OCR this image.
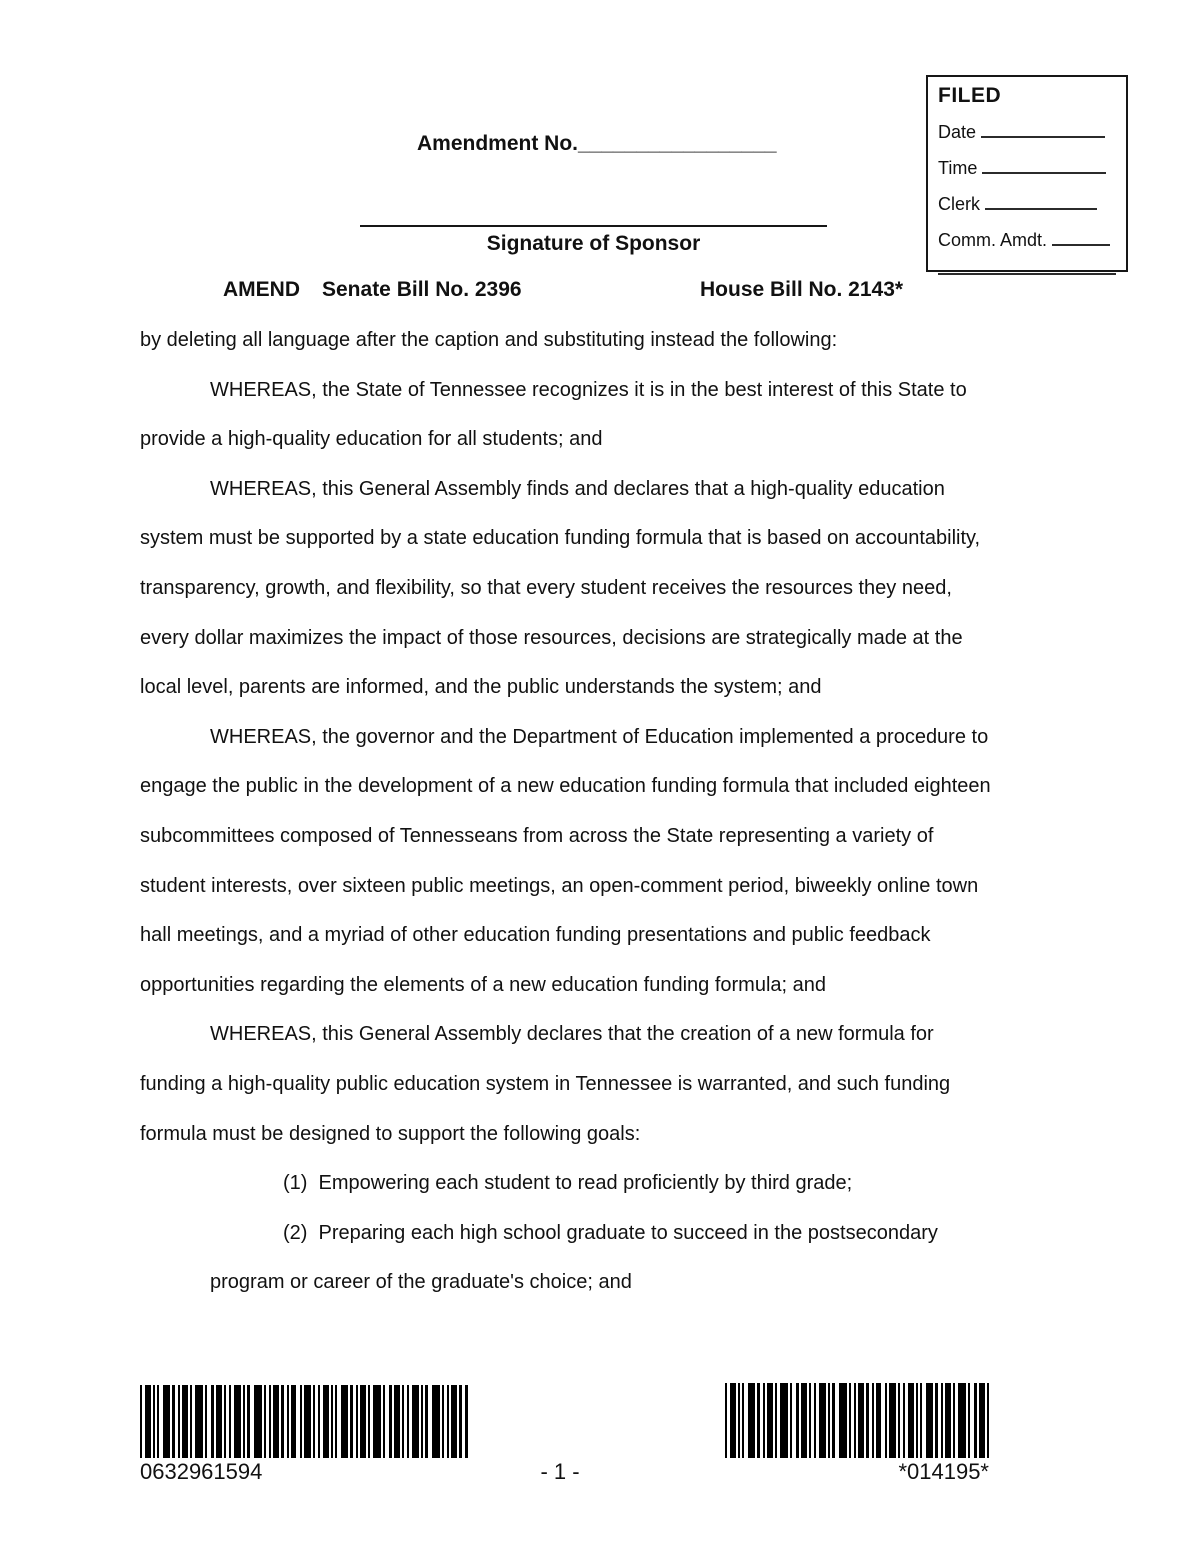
Amendment No._________________
Signature of Sponsor
AMEND Senate Bill No. 2396	House Bill No. 2143*
FILED
Date
Time
Clerk
Comm. Amdt.
by deleting all language after the caption and substituting instead the following:
WHEREAS, the State of Tennessee recognizes it is in the best interest of this State to
provide a high-quality education for all students; and
WHEREAS, this General Assembly finds and declares that a high-quality education
system must be supported by a state education funding formula that is based on accountability,
transparency, growth, and flexibility, so that every student receives the resources they need,
every dollar maximizes the impact of those resources, decisions are strategically made at the
local level, parents are informed, and the public understands the system; and
WHEREAS, the governor and the Department of Education implemented a procedure to
engage the public in the development of a new education funding formula that included eighteen
subcommittees composed of Tennesseans from across the State representing a variety of
student interests, over sixteen public meetings, an open-comment period, biweekly online town
hall meetings, and a myriad of other education funding presentations and public feedback
opportunities regarding the elements of a new education funding formula; and
WHEREAS, this General Assembly declares that the creation of a new formula for
funding a high-quality public education system in Tennessee is warranted, and such funding
formula must be designed to support the following goals:
(1)  Empowering each student to read proficiently by third grade;
(2)  Preparing each high school graduate to succeed in the postsecondary
program or career of the graduate's choice; and
0632961594	- 1 -	*014195*
